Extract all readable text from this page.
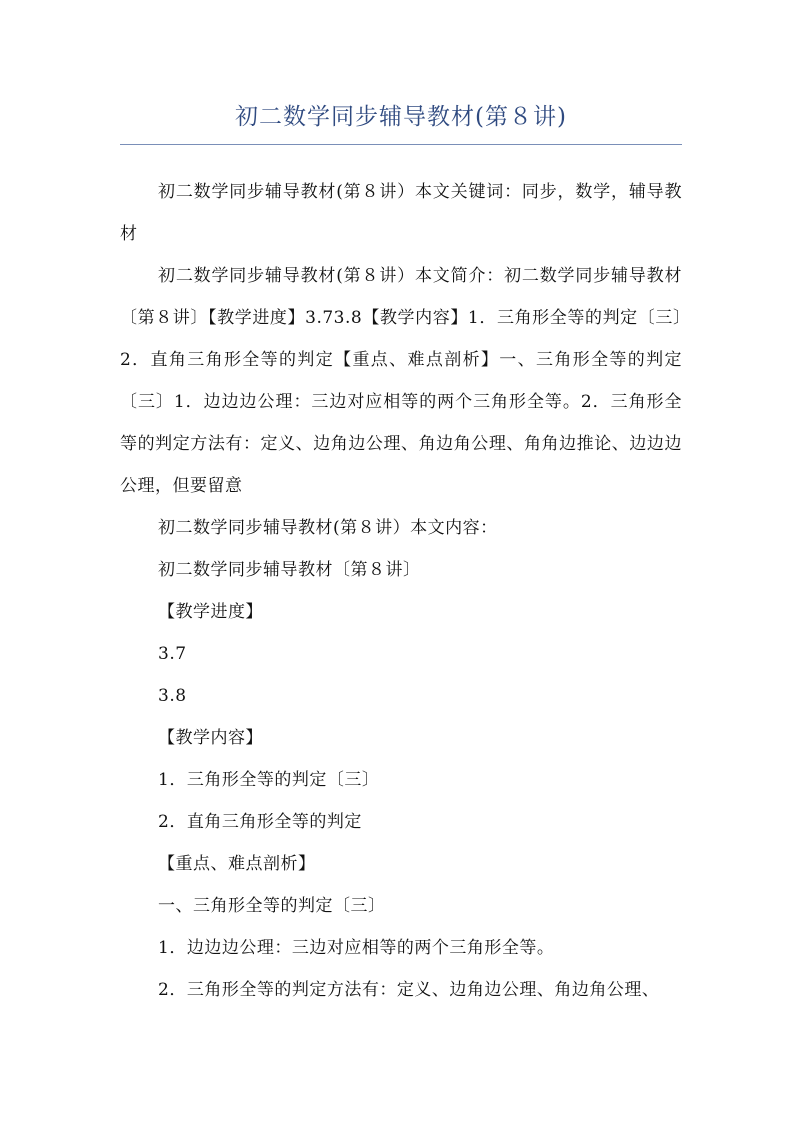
初二数学同步辅导教材(第８讲)

初二数学同步辅导教材(第８讲）本文关键词：同步，数学，辅导教材

初二数学同步辅导教材(第８讲）本文简介：初二数学同步辅导教材〔第８讲〕【教学进度】3.73.8【教学内容】1．三角形全等的判定〔三〕2．直角三角形全等的判定【重点、难点剖析】一、三角形全等的判定〔三〕1．边边边公理：三边对应相等的两个三角形全等。2．三角形全等的判定方法有：定义、边角边公理、角边角公理、角角边推论、边边边公理，但要留意

初二数学同步辅导教材(第８讲）本文内容：

初二数学同步辅导教材〔第８讲〕

【教学进度】

3.7

3.8

【教学内容】

1．三角形全等的判定〔三〕

2．直角三角形全等的判定

【重点、难点剖析】

一、三角形全等的判定〔三〕

1．边边边公理：三边对应相等的两个三角形全等。

2．三角形全等的判定方法有：定义、边角边公理、角边角公理、
